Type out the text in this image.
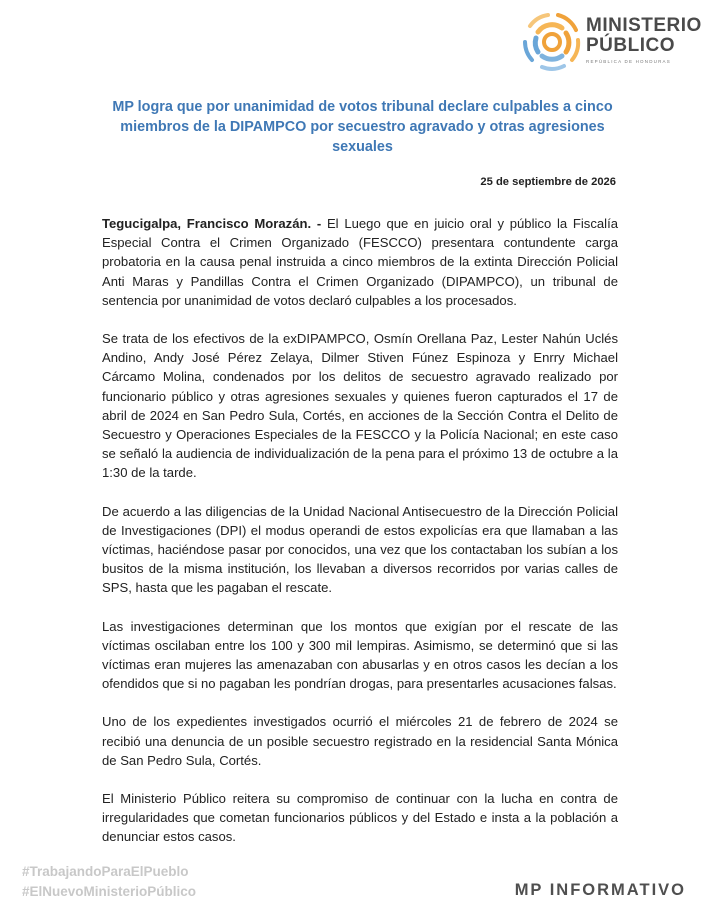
MINISTERIO
PÚBLICO
REPÚBLICA DE HONDURAS
MP logra que por unanimidad de votos tribunal declare culpables a cinco miembros de la DIPAMPCO por secuestro agravado y otras agresiones sexuales
25 de septiembre de 2026

Tegucigalpa, Francisco Morazán. - El Luego que en juicio oral y público la Fiscalía Especial Contra el Crimen Organizado (FESCCO) presentara contundente carga probatoria en la causa penal instruida a cinco miembros de la extinta Dirección Policial Anti Maras y Pandillas Contra el Crimen Organizado (DIPAMPCO), un tribunal de sentencia por unanimidad de votos declaró culpables a los procesados.

Se trata de los efectivos de la exDIPAMPCO, Osmín Orellana Paz, Lester Nahún Uclés Andino, Andy José Pérez Zelaya, Dilmer Stiven Fúnez Espinoza y Enrry Michael Cárcamo Molina, condenados por los delitos de secuestro agravado realizado por funcionario público y otras agresiones sexuales y quienes fueron capturados el 17 de abril de 2024 en San Pedro Sula, Cortés, en acciones de la Sección Contra el Delito de Secuestro y Operaciones Especiales de la FESCCO y la Policía Nacional; en este caso se señaló la audiencia de individualización de la pena para el próximo 13 de octubre a la 1:30 de la tarde.

De acuerdo a las diligencias de la Unidad Nacional Antisecuestro de la Dirección Policial de Investigaciones (DPI) el modus operandi de estos expolicías era que llamaban a las víctimas, haciéndose pasar por conocidos, una vez que los contactaban los subían a los busitos de la misma institución, los llevaban a diversos recorridos por varias calles de SPS, hasta que les pagaban el rescate.

Las investigaciones determinan que los montos que exigían por el rescate de las víctimas oscilaban entre los 100 y 300 mil lempiras. Asimismo, se determinó que si las víctimas eran mujeres las amenazaban con abusarlas y en otros casos les decían a los ofendidos que si no pagaban les pondrían drogas, para presentarles acusaciones falsas.

Uno de los expedientes investigados ocurrió el miércoles 21 de febrero de 2024 se recibió una denuncia de un posible secuestro registrado en la residencial Santa Mónica de San Pedro Sula, Cortés.

El Ministerio Público reitera su compromiso de continuar con la lucha en contra de irregularidades que cometan funcionarios públicos y del Estado e insta a la población a denunciar estos casos.

#TrabajandoParaElPueblo
#ElNuevoMinisterioPúblico	MP INFORMATIVO
